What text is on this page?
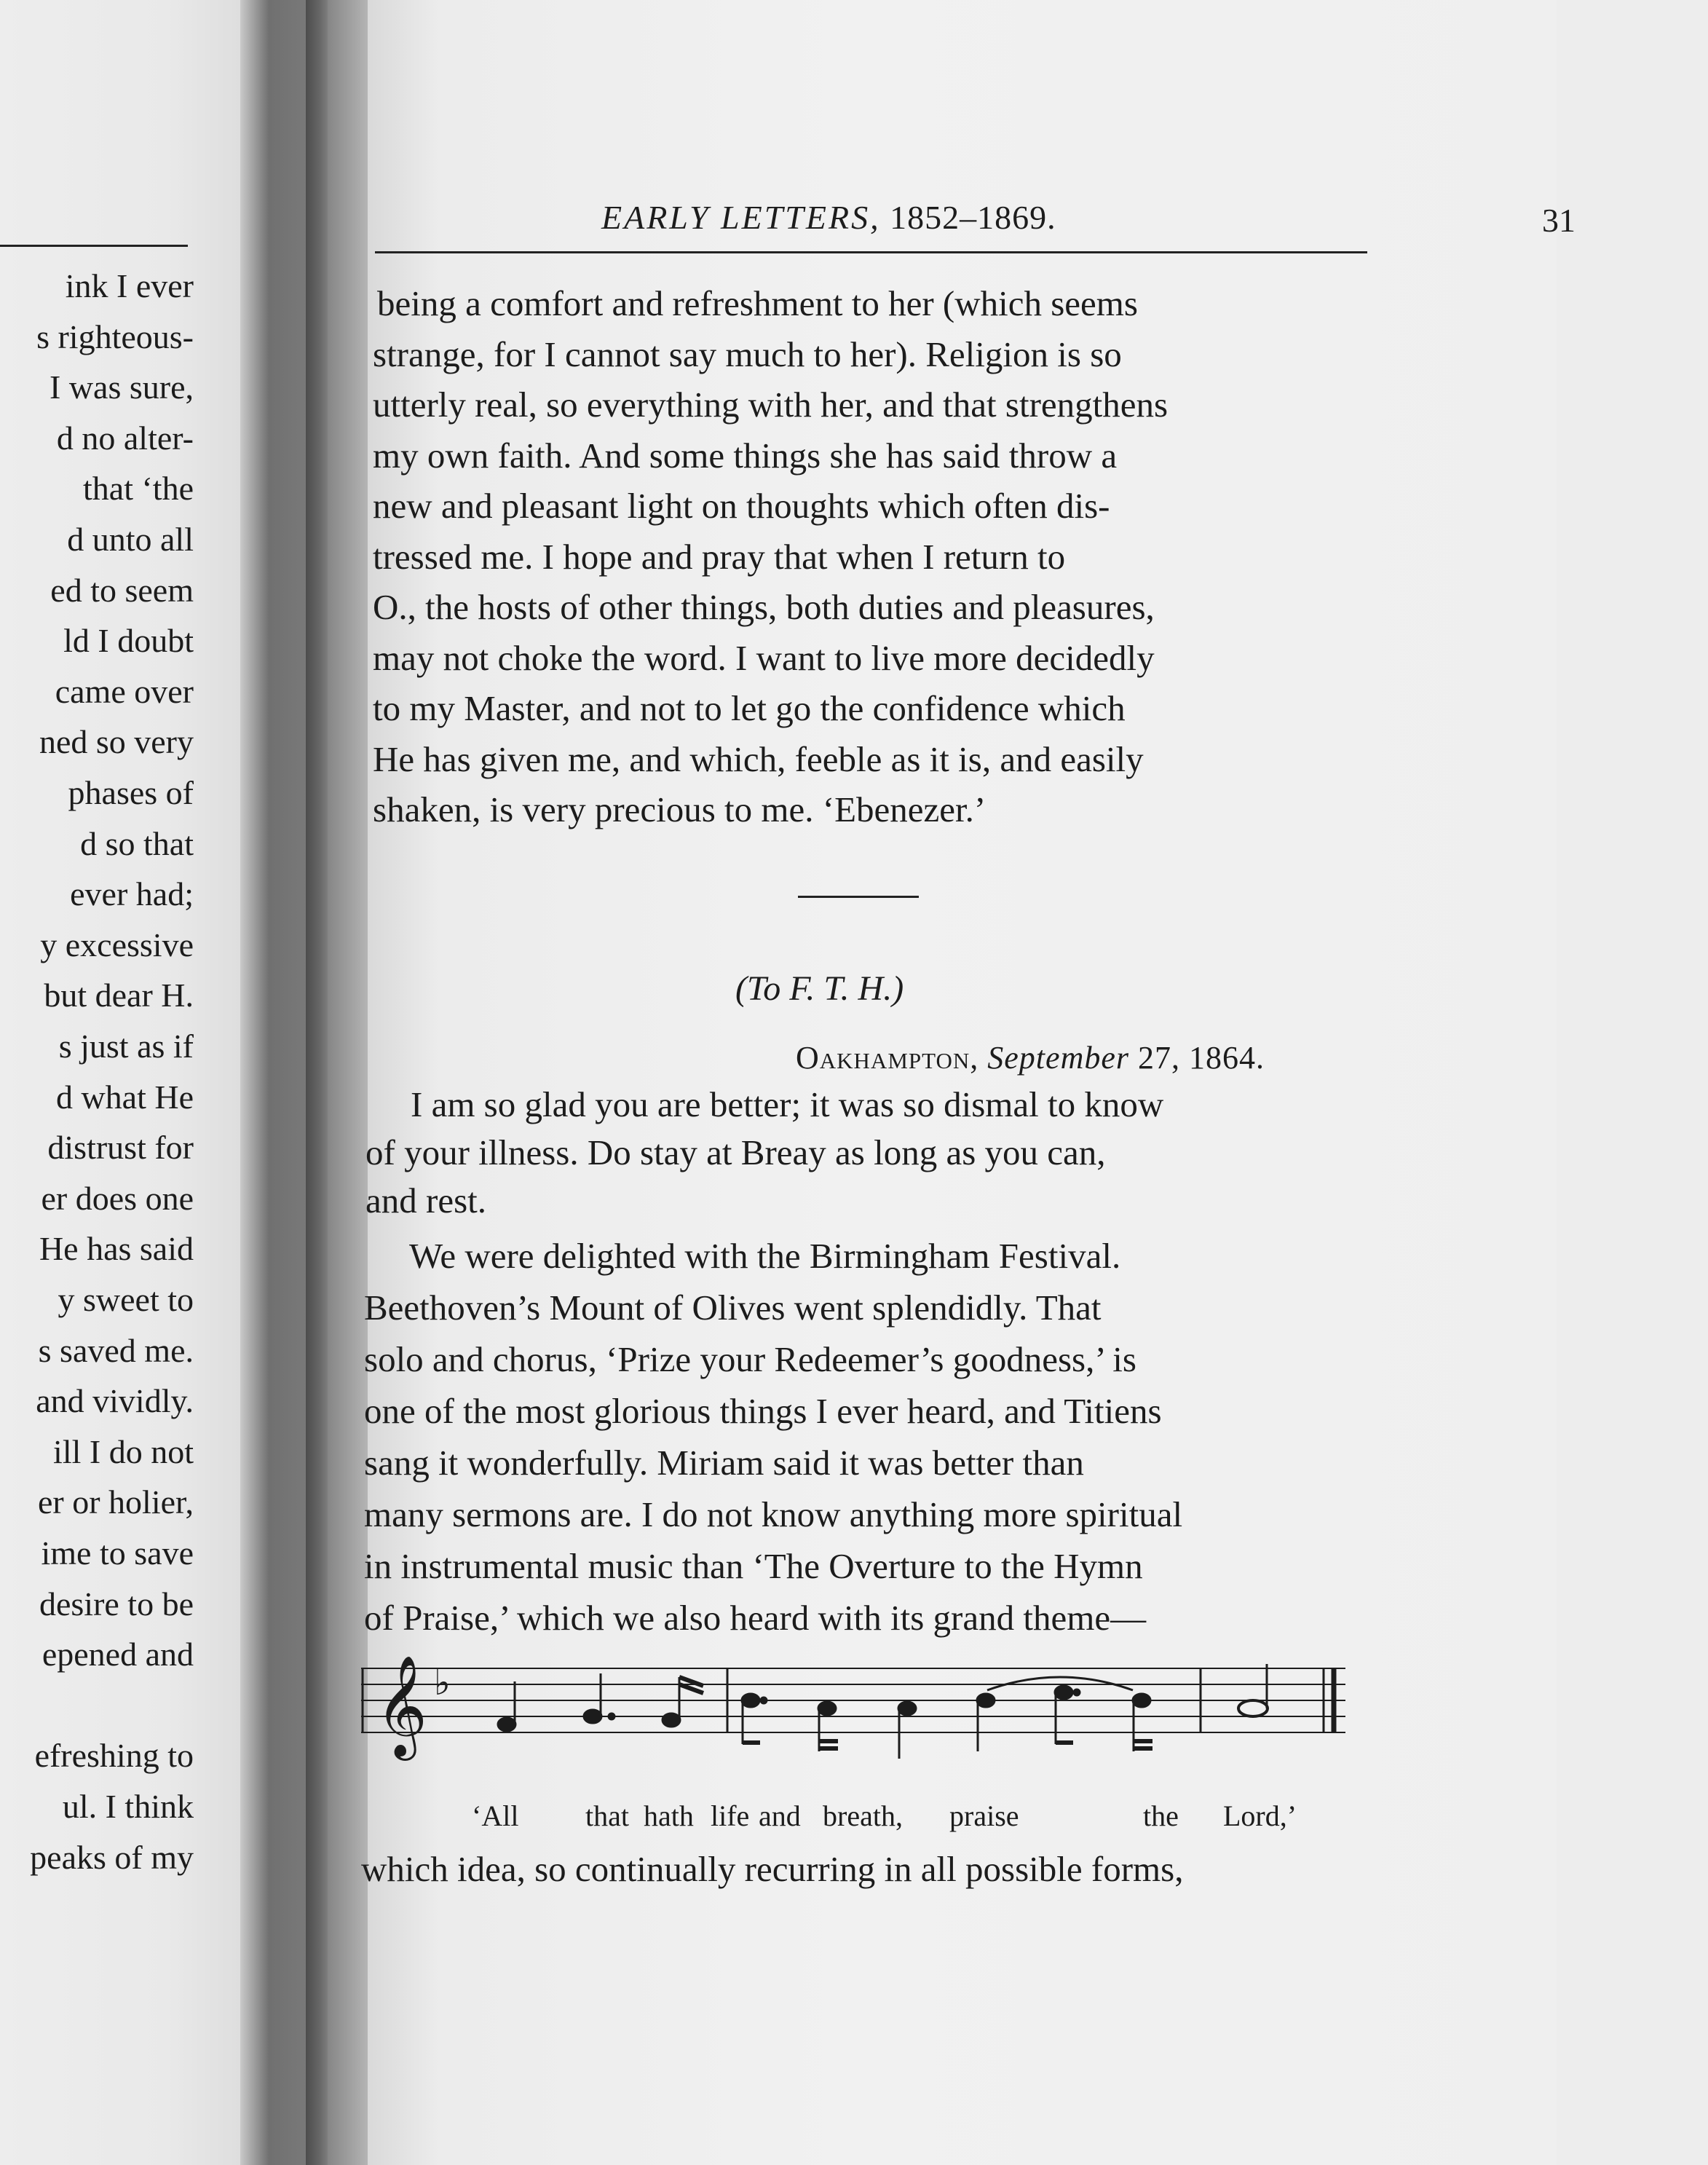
ink I ever
s righteous-
I was sure,
d no alter-
that ‘the
d unto all
ed to seem
ld I doubt
came over
ned so very
phases of
d so that
ever had;
y excessive
but dear H.
s just as if
d what He
distrust for
er does one
He has said
y sweet to
s saved me.
and vividly.
ill I do not
er or holier,
ime to save
desire to be
epened and
efreshing to
ul. I think
peaks of my
EARLY LETTERS, 1852–1869.	31
being a comfort and refreshment to her (which seems
strange, for I cannot say much to her). Religion is so
utterly real, so everything with her, and that strengthens
my own faith. And some things she has said throw a
new and pleasant light on thoughts which often dis-
tressed me. I hope and pray that when I return to
O., the hosts of other things, both duties and pleasures,
may not choke the word. I want to live more decidedly
to my Master, and not to let go the confidence which
He has given me, and which, feeble as it is, and easily
shaken, is very precious to me. ‘Ebenezer.’
(To F. T. H.)
Oakhampton, September 27, 1864.
I am so glad you are better; it was so dismal to know
of your illness. Do stay at Breay as long as you can,
and rest.
We were delighted with the Birmingham Festival.
Beethoven’s Mount of Olives went splendidly. That
solo and chorus, ‘Prize your Redeemer’s goodness,’ is
one of the most glorious things I ever heard, and Titiens
sang it wonderfully. Miriam said it was better than
many sermons are. I do not know anything more spiritual
in instrumental music than ‘The Overture to the Hymn
of Praise,’ which we also heard with its grand theme—
𝄞 ♭
‘All that hath life and breath, praise	the Lord,’
which idea, so continually recurring in all possible forms,
